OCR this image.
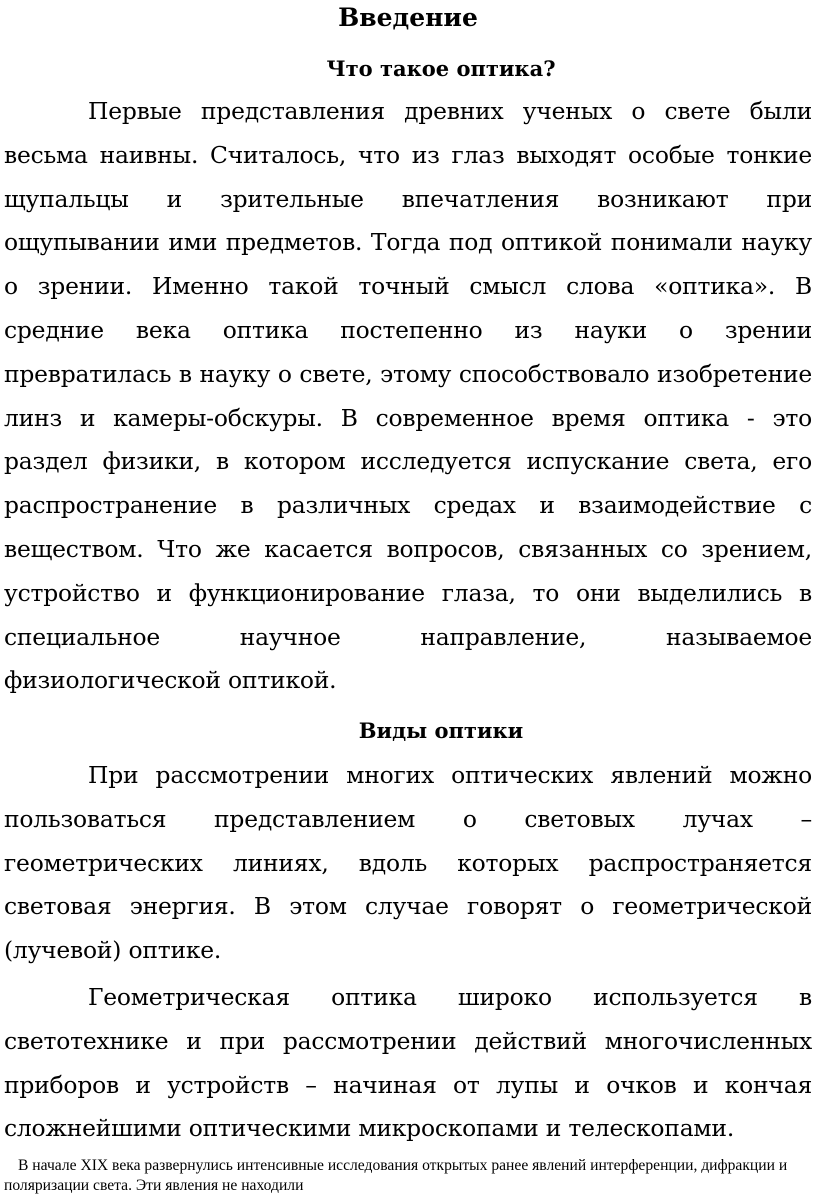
Введение
Что такое оптика?

Первые представления древних ученых о свете были весьма наивны. Считалось, что из глаз выходят особые тонкие щупальцы и зрительные впечатления возникают при ощупывании ими предметов. Тогда под оптикой понимали науку о зрении. Именно такой точный смысл слова «оптика». В средние века оптика постепенно из науки о зрении превратилась в науку о свете, этому способствовало изобретение линз и камеры-обскуры. В современное время оптика - это раздел физики, в котором исследуется испускание света, его распространение в различных средах и взаимодействие с веществом. Что же касается вопросов, связанных со зрением, устройство и функционирование глаза, то они выделились в специальное научное направление, называемое физиологической оптикой.

Виды оптики

При рассмотрении многих оптических явлений можно пользоваться представлением о световых лучах – геометрических линиях, вдоль которых распространяется световая энергия. В этом случае говорят о геометрической (лучевой) оптике.

Геометрическая оптика широко используется в светотехнике и при рассмотрении действий многочисленных приборов и устройств – начиная от лупы и очков и кончая сложнейшими оптическими микроскопами и телескопами.

В начале XIX века развернулись интенсивные исследования открытых ранее явлений интерференции, дифракции и поляризации света. Эти явления не находили
